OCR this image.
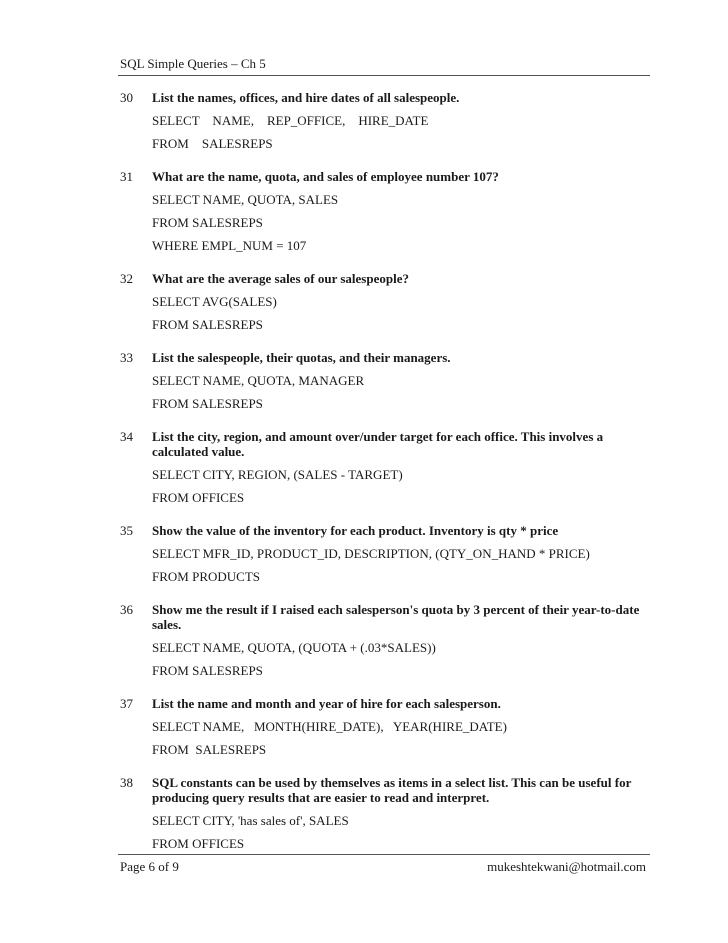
SQL Simple Queries – Ch 5
30 List the names, offices, and hire dates of all salespeople.
SELECT    NAME,    REP_OFFICE,    HIRE_DATE
FROM    SALESREPS
31 What are the name, quota, and sales of employee number 107?
SELECT NAME, QUOTA, SALES
FROM SALESREPS
WHERE EMPL_NUM = 107
32 What are the average sales of our salespeople?
SELECT AVG(SALES)
FROM SALESREPS
33 List the salespeople, their quotas, and their managers.
SELECT NAME, QUOTA, MANAGER
FROM SALESREPS
34 List the city, region, and amount over/under target for each office. This involves a calculated value.
SELECT CITY, REGION, (SALES - TARGET)
FROM OFFICES
35 Show the value of the inventory for each product. Inventory is qty * price
SELECT MFR_ID, PRODUCT_ID, DESCRIPTION, (QTY_ON_HAND * PRICE)
FROM PRODUCTS
36 Show me the result if I raised each salesperson's quota by 3 percent of their year-to-date sales.
SELECT NAME, QUOTA, (QUOTA + (.03*SALES))
FROM SALESREPS
37 List the name and month and year of hire for each salesperson.
SELECT NAME,   MONTH(HIRE_DATE),   YEAR(HIRE_DATE)
FROM  SALESREPS
38 SQL constants can be used by themselves as items in a select list. This can be useful for producing query results that are easier to read and interpret.
SELECT CITY, 'has sales of', SALES
FROM OFFICES
Page 6 of 9	mukeshtekwani@hotmail.com
